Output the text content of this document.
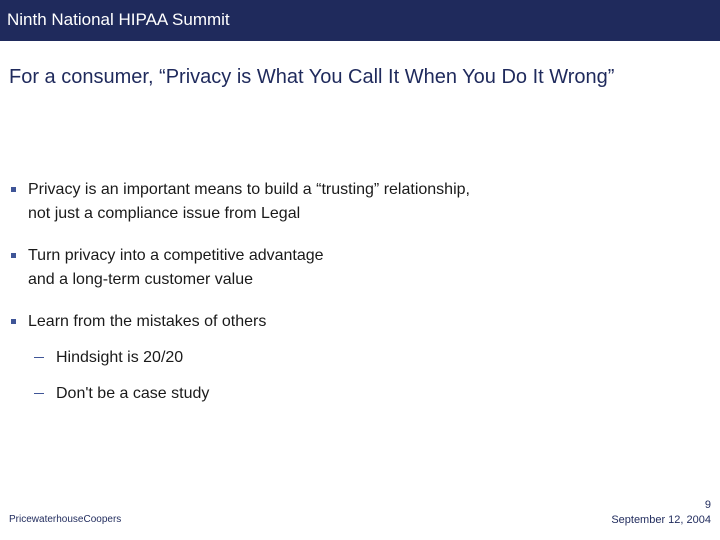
Ninth National HIPAA Summit
For a consumer, “Privacy is What You Call It When You Do It Wrong”
Privacy is an important means to build a “trusting” relationship,
not just a compliance issue from Legal
Turn privacy into a competitive advantage
and a long-term customer value
Learn from the mistakes of others
Hindsight is 20/20
Don't be a case study
PricewaterhouseCoopers
9
September 12, 2004
